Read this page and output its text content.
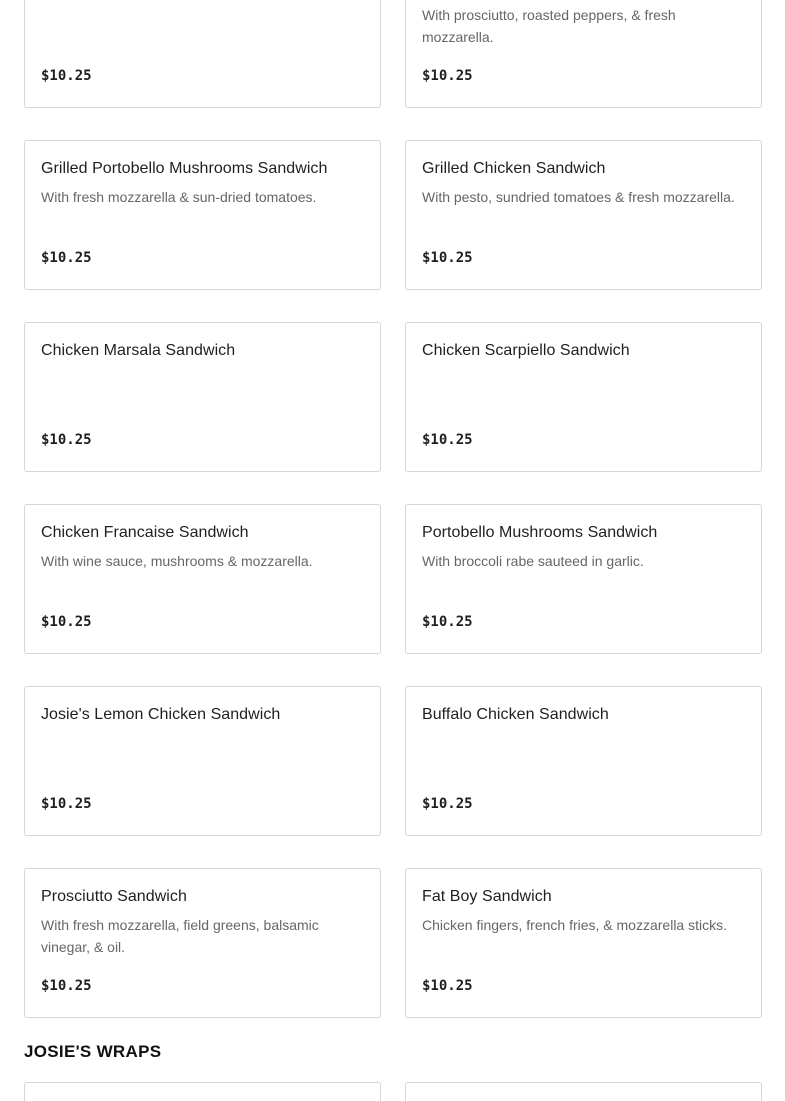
$10.25
With prosciutto, roasted peppers, & fresh mozzarella.
$10.25
Grilled Portobello Mushrooms Sandwich
With fresh mozzarella & sun-dried tomatoes.
$10.25
Grilled Chicken Sandwich
With pesto, sundried tomatoes & fresh mozzarella.
$10.25
Chicken Marsala Sandwich
$10.25
Chicken Scarpiello Sandwich
$10.25
Chicken Francaise Sandwich
With wine sauce, mushrooms & mozzarella.
$10.25
Portobello Mushrooms Sandwich
With broccoli rabe sauteed in garlic.
$10.25
Josie's Lemon Chicken Sandwich
$10.25
Buffalo Chicken Sandwich
$10.25
Prosciutto Sandwich
With fresh mozzarella, field greens, balsamic vinegar, & oil.
$10.25
Fat Boy Sandwich
Chicken fingers, french fries, & mozzarella sticks.
$10.25
JOSIE'S WRAPS
